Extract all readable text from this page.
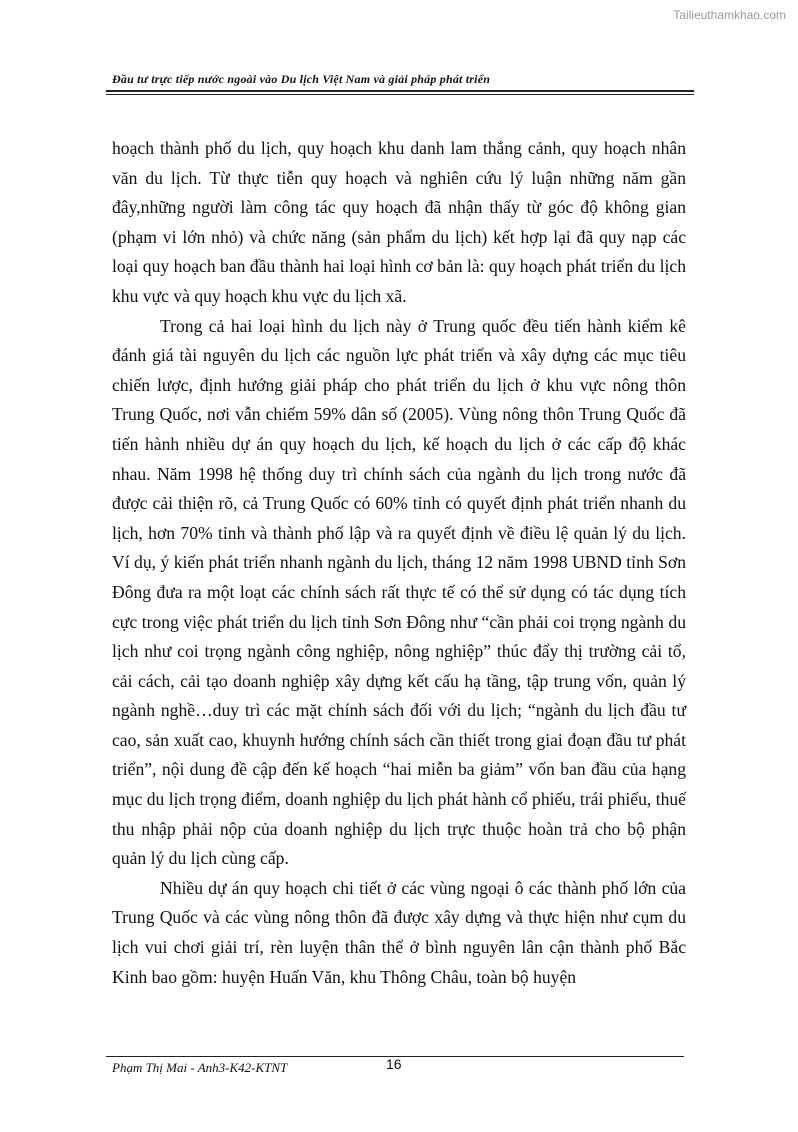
Tailieuthamkhao.com
Đầu tư trực tiếp nước ngoài vào Du lịch Việt Nam và giải pháp phát triển

hoạch thành phố du lịch, quy hoạch khu danh lam thắng cảnh, quy hoạch nhân văn du lịch. Từ thực tiễn quy hoạch và nghiên cứu lý luận những năm gần đây,những người làm công tác quy hoạch đã nhận thấy từ góc độ không gian (phạm vi lớn nhỏ) và chức năng (sản phẩm du lịch) kết hợp lại đã quy nạp các loại quy hoạch ban đầu thành hai loại hình cơ bản là: quy hoạch phát triển du lịch khu vực và quy hoạch khu vực du lịch xã.

Trong cả hai loại hình du lịch này ở Trung quốc đều tiến hành kiểm kê đánh giá tài nguyên du lịch các nguồn lực phát triển và xây dựng các mục tiêu chiến lược, định hướng giải pháp cho phát triển du lịch ở khu vực nông thôn Trung Quốc, nơi vẫn chiếm 59% dân số (2005). Vùng nông thôn Trung Quốc đã tiến hành nhiều dự án quy hoạch du lịch, kế hoạch du lịch ở các cấp độ khác nhau. Năm 1998 hệ thống duy trì chính sách của ngành du lịch trong nước đã được cải thiện rõ, cả Trung Quốc có 60% tỉnh có quyết định phát triển nhanh du lịch, hơn 70% tỉnh và thành phố lập và ra quyết định về điều lệ quản lý du lịch. Ví dụ, ý kiến phát triển nhanh ngành du lịch, tháng 12 năm 1998 UBND tỉnh Sơn Đông đưa ra một loạt các chính sách rất thực tế có thể sử dụng có tác dụng tích cực trong việc phát triển du lịch tỉnh Sơn Đông như “cần phải coi trọng ngành du lịch như coi trọng ngành công nghiệp, nông nghiệp” thúc đẩy thị trường cải tổ, cải cách, cải tạo doanh nghiệp xây dựng kết cấu hạ tầng, tập trung vốn, quản lý ngành nghề…duy trì các mặt chính sách đối với du lịch; “ngành du lịch đầu tư cao, sản xuất cao, khuynh hướng chính sách cần thiết trong giai đoạn đầu tư phát triển”, nội dung đề cập đến kế hoạch “hai miễn ba giảm” vốn ban đầu của hạng mục du lịch trọng điểm, doanh nghiệp du lịch phát hành cổ phiếu, trái phiếu, thuế thu nhập phải nộp của doanh nghiệp du lịch trực thuộc hoàn trả cho bộ phận quản lý du lịch cùng cấp.

Nhiều dự án quy hoạch chi tiết ở các vùng ngoại ô các thành phố lớn của Trung Quốc và các vùng nông thôn đã được xây dựng và thực hiện như cụm du lịch vui chơi giải trí, rèn luyện thân thể ở bình nguyên lân cận thành phố Bắc Kinh bao gồm: huyện Huấn Văn, khu Thông Châu, toàn bộ huyện

Phạm Thị Mai - Anh3-K42-KTNT	16
